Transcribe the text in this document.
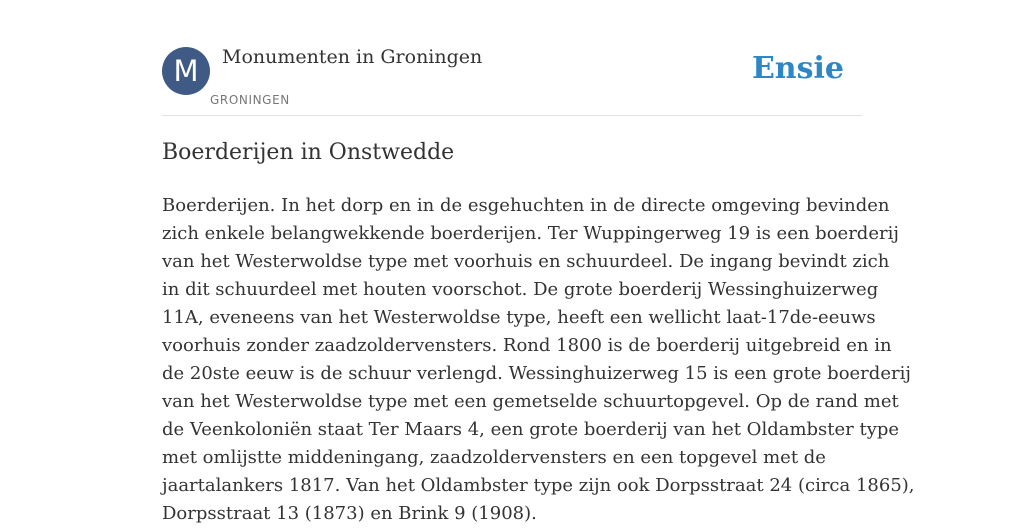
M	Monumenten in Groningen
GRONINGEN
Ensie
Boerderijen in Onstwedde
Boerderijen. In het dorp en in de esgehuchten in de directe omgeving bevinden
zich enkele belangwekkende boerderijen. Ter Wuppingerweg 19 is een boerderij
van het Westerwoldse type met voorhuis en schuurdeel. De ingang bevindt zich
in dit schuurdeel met houten voorschot. De grote boerderij Wessinghuizerweg
11A, eveneens van het Westerwoldse type, heeft een wellicht laat-17de-eeuws
voorhuis zonder zaadzoldervensters. Rond 1800 is de boerderij uitgebreid en in
de 20ste eeuw is de schuur verlengd. Wessinghuizerweg 15 is een grote boerderij
van het Westerwoldse type met een gemetselde schuurtopgevel. Op de rand met
de Veenkoloniën staat Ter Maars 4, een grote boerderij van het Oldambster type
met omlijstte middeningang, zaadzoldervensters en een topgevel met de
jaartalankers 1817. Van het Oldambster type zijn ook Dorpsstraat 24 (circa 1865),
Dorpsstraat 13 (1873) en Brink 9 (1908).
